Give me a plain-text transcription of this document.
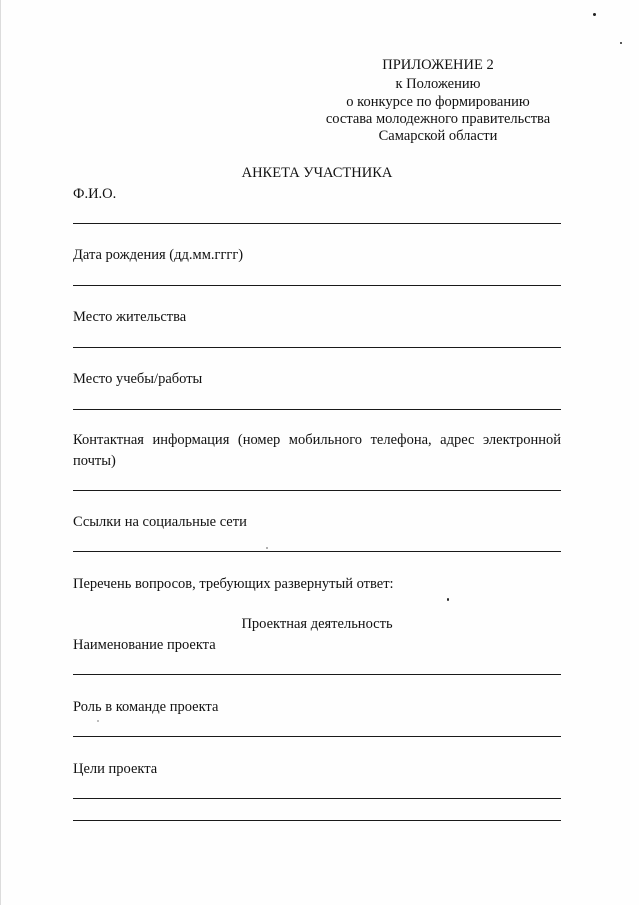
ПРИЛОЖЕНИЕ 2
к Положению
о конкурсе по формированию
состава молодежного правительства
Самарской области
АНКЕТА УЧАСТНИКА
Ф.И.О.
Дата рождения (дд.мм.гггг)
Место жительства
Место учебы/работы
Контактная информация (номер мобильного телефона, адрес электронной
почты)
Ссылки на социальные сети
Перечень вопросов, требующих развернутый ответ:
Проектная деятельность
Наименование проекта
Роль в команде проекта
Цели проекта
